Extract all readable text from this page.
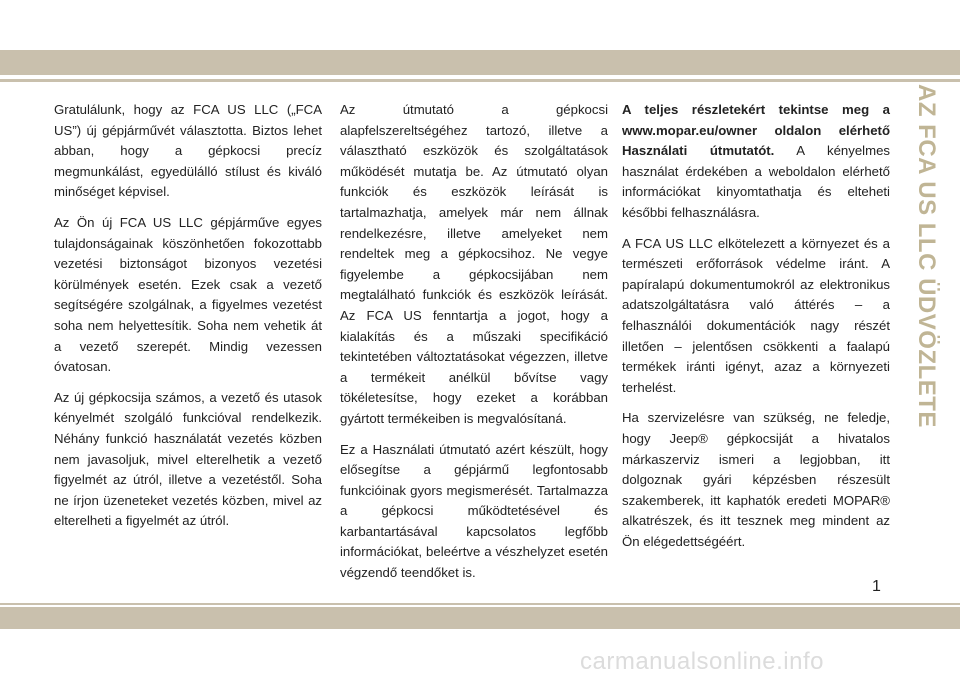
Gratulálunk, hogy az FCA US LLC („FCA US”) új gépjárművét választotta. Biztos lehet abban, hogy a gépkocsi precíz megmunkálást, egyedülálló stílust és kiváló minőséget képvisel.

Az Ön új FCA US LLC gépjárműve egyes tulajdonságainak köszönhetően fokozottabb vezetési biztonságot bizonyos vezetési körülmények esetén. Ezek csak a vezető segítségére szolgálnak, a figyelmes vezetést soha nem helyettesítik. Soha nem vehetik át a vezető szerepét. Mindig vezessen óvatosan.

Az új gépkocsija számos, a vezető és utasok kényelmét szolgáló funkcióval rendelkezik. Néhány funkció használatát vezetés közben nem javasoljuk, mivel elterelhetik a vezető figyelmét az útról, illetve a vezetéstől. Soha ne írjon üzeneteket vezetés közben, mivel az elterelheti a figyelmét az útról.

Az útmutató a gépkocsi alapfelszereltségéhez tartozó, illetve a választható eszközök és szolgáltatások működését mutatja be. Az útmutató olyan funkciók és eszközök leírását is tartalmazhatja, amelyek már nem állnak rendelkezésre, illetve amelyeket nem rendeltek meg a gépkocsihoz. Ne vegye figyelembe a gépkocsijában nem megtalálható funkciók és eszközök leírását. Az FCA US fenntartja a jogot, hogy a kialakítás és a műszaki specifikáció tekintetében változtatásokat végezzen, illetve a termékeit anélkül bővítse vagy tökéletesítse, hogy ezeket a korábban gyártott termékeiben is megvalósítaná.

Ez a Használati útmutató azért készült, hogy elősegítse a gépjármű legfontosabb funkcióinak gyors megismerését. Tartalmazza a gépkocsi működtetésével és karbantartásával kapcsolatos legfőbb információkat, beleértve a vészhelyzet esetén végzendő teendőket is.

A teljes részletekért tekintse meg a www.mopar.eu/owner oldalon elérhető Használati útmutatót. A kényelmes használat érdekében a weboldalon elérhető információkat kinyomtathatja és elteheti későbbi felhasználásra.

A FCA US LLC elkötelezett a környezet és a természeti erőforrások védelme iránt. A papíralapú dokumentumokról az elektronikus adatszolgáltatásra való áttérés – a felhasználói dokumentációk nagy részét illetően – jelentősen csökkenti a faalapú termékek iránti igényt, azaz a környezeti terhelést.

Ha szervizelésre van szükség, ne feledje, hogy Jeep® gépkocsiját a hivatalos márkaszerviz ismeri a legjobban, itt dolgoznak gyári képzésben részesült szakemberek, itt kaphatók eredeti MOPAR® alkatrészek, és itt tesznek meg mindent az Ön elégedettségéért.

AZ FCA US LLC ÜDVÖZLETE
1
carmanualsonline.info
